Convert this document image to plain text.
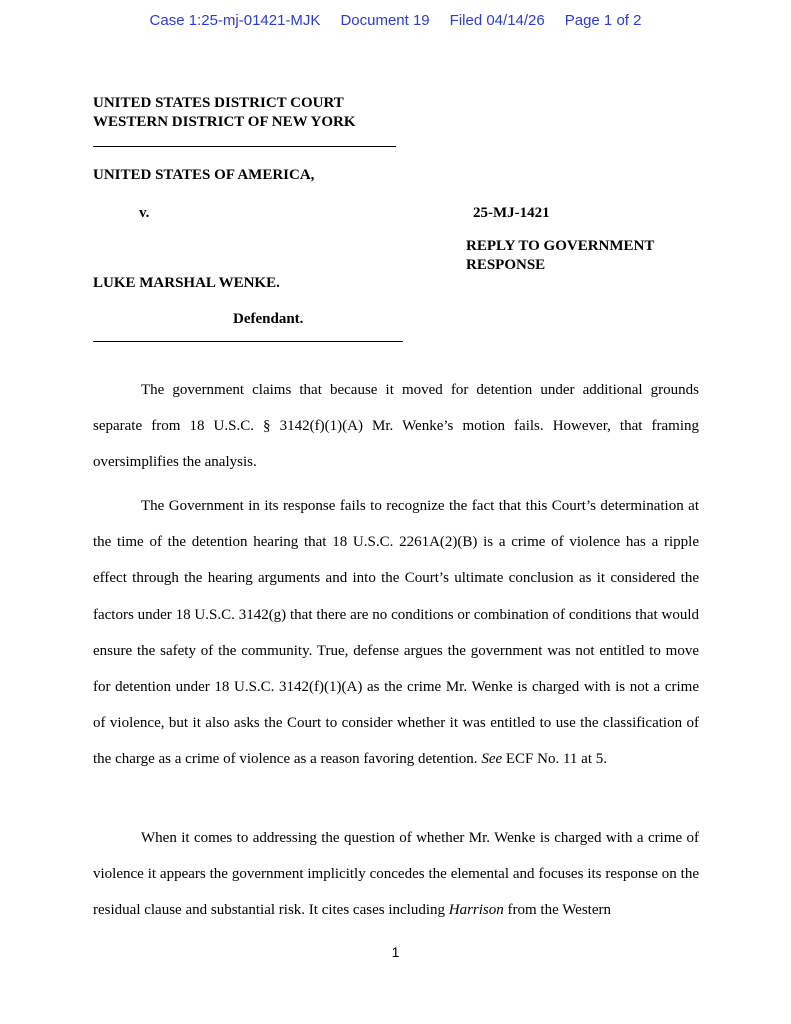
Case 1:25-mj-01421-MJK Document 19 Filed 04/14/26 Page 1 of 2
UNITED STATES DISTRICT COURT
WESTERN DISTRICT OF NEW YORK
UNITED STATES OF AMERICA,
v.	25-MJ-1421
REPLY TO GOVERNMENT
RESPONSE
LUKE MARSHAL WENKE.
Defendant.

The government claims that because it moved for detention under additional grounds separate from 18 U.S.C. § 3142(f)(1)(A) Mr. Wenke’s motion fails. However, that framing oversimplifies the analysis.

The Government in its response fails to recognize the fact that this Court’s determination at the time of the detention hearing that 18 U.S.C. 2261A(2)(B) is a crime of violence has a ripple effect through the hearing arguments and into the Court’s ultimate conclusion as it considered the factors under 18 U.S.C. 3142(g) that there are no conditions or combination of conditions that would ensure the safety of the community. True, defense argues the government was not entitled to move for detention under 18 U.S.C. 3142(f)(1)(A) as the crime Mr. Wenke is charged with is not a crime of violence, but it also asks the Court to consider whether it was entitled to use the classification of the charge as a crime of violence as a reason favoring detention. See ECF No. 11 at 5.

When it comes to addressing the question of whether Mr. Wenke is charged with a crime of violence it appears the government implicitly concedes the elemental and focuses its response on the residual clause and substantial risk. It cites cases including Harrison from the Western

1
